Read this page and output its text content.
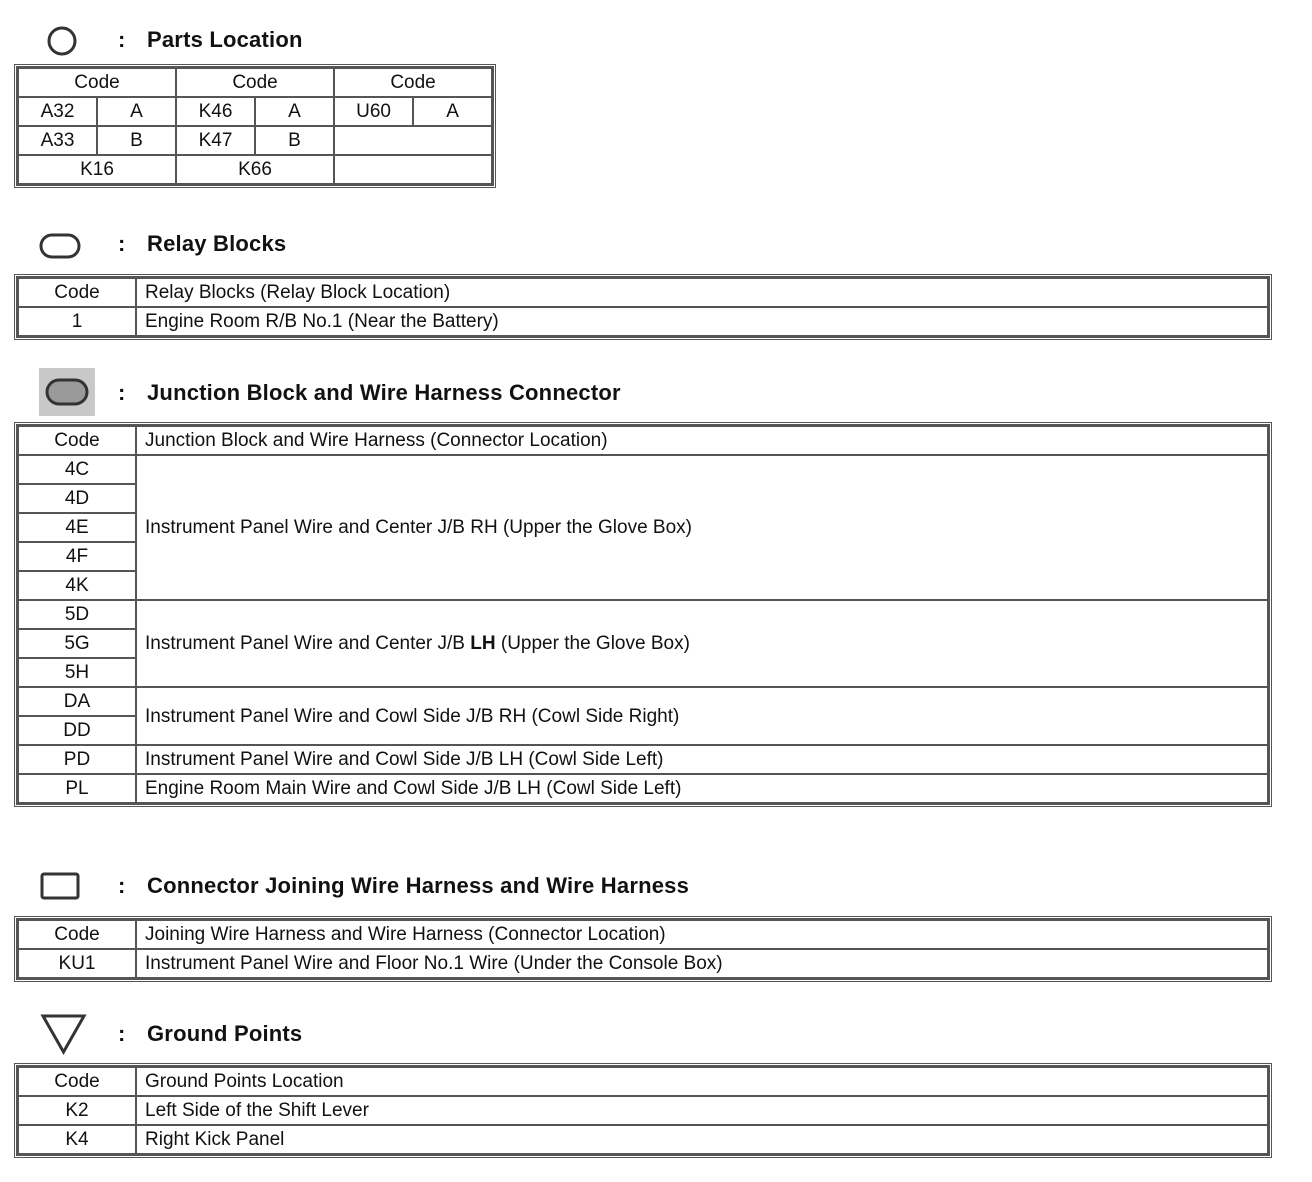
: Parts Location
Code		Code		Code	
A32	A	K46	A	U60	A
A33	B	K47	B		
K16		K66			
: Relay Blocks
Code	Relay Blocks (Relay Block Location)
1	Engine Room R/B No.1 (Near the Battery)
: Junction Block and Wire Harness Connector
Code	Junction Block and Wire Harness (Connector Location)
4C	Instrument Panel Wire and Center J/B RH (Upper the Glove Box)
4D	
4E	
4F	
4K	
5D	Instrument Panel Wire and Center J/B LH (Upper the Glove Box)
5G	
5H	
DA	Instrument Panel Wire and Cowl Side J/B RH (Cowl Side Right)
DD	
PD	Instrument Panel Wire and Cowl Side J/B LH (Cowl Side Left)
PL	Engine Room Main Wire and Cowl Side J/B LH (Cowl Side Left)
: Connector Joining Wire Harness and Wire Harness
Code	Joining Wire Harness and Wire Harness (Connector Location)
KU1	Instrument Panel Wire and Floor No.1 Wire (Under the Console Box)
: Ground Points
Code	Ground Points Location
K2	Left Side of the Shift Lever
K4	Right Kick Panel
